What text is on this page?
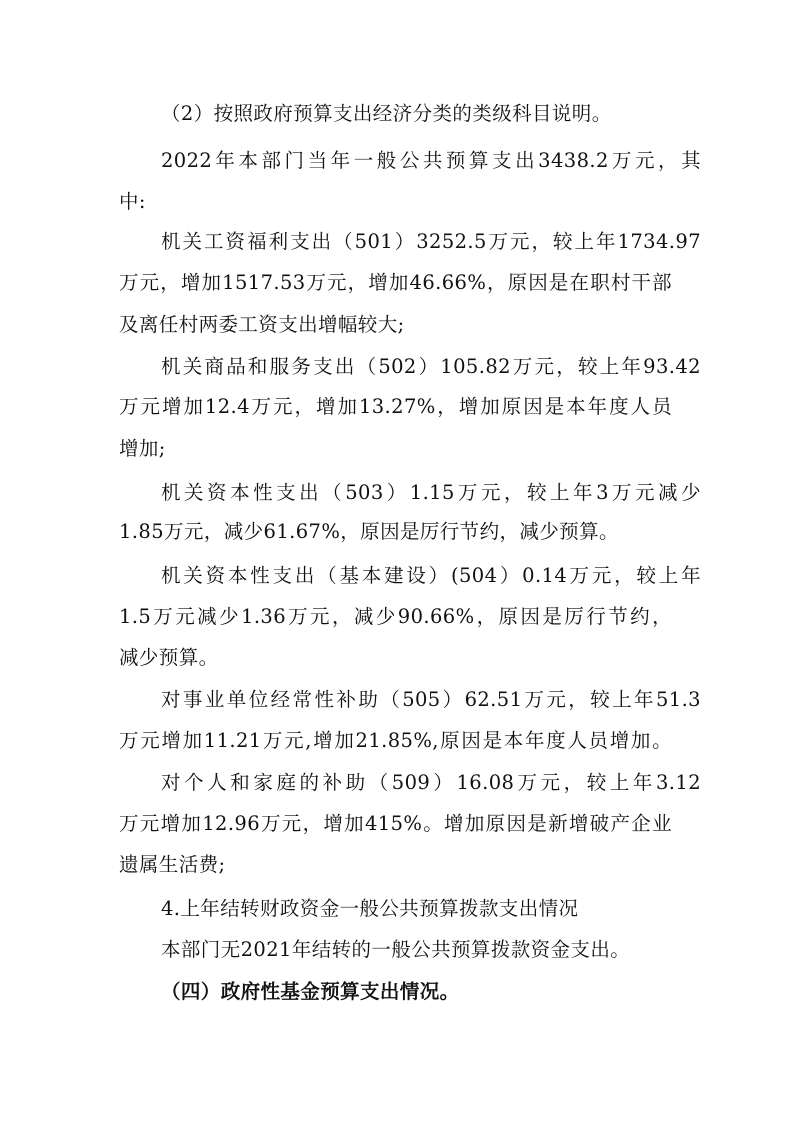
（2）按照政府预算支出经济分类的类级科目说明。
2022年本部门当年一般公共预算支出3438.2万元，其
中:
机关工资福利支出（501）3252.5万元，较上年1734.97
万元，增加1517.53万元，增加46.66%，原因是在职村干部
及离任村两委工资支出增幅较大;
机关商品和服务支出（502）105.82万元，较上年93.42
万元增加12.4万元，增加13.27%，增加原因是本年度人员
增加;
机关资本性支出（503）1.15万元，较上年3万元减少
1.85万元，减少61.67%，原因是厉行节约，减少预算。
机关资本性支出（基本建设）(504）0.14万元，较上年
1.5万元减少1.36万元，减少90.66%，原因是厉行节约，
减少预算。
对事业单位经常性补助（505）62.51万元，较上年51.3
万元增加11.21万元,增加21.85%,原因是本年度人员增加。
对个人和家庭的补助（509）16.08万元，较上年3.12
万元增加12.96万元，增加415%。增加原因是新增破产企业
遗属生活费;
4.上年结转财政资金一般公共预算拨款支出情况
本部门无2021年结转的一般公共预算拨款资金支出。
（四）政府性基金预算支出情况。
